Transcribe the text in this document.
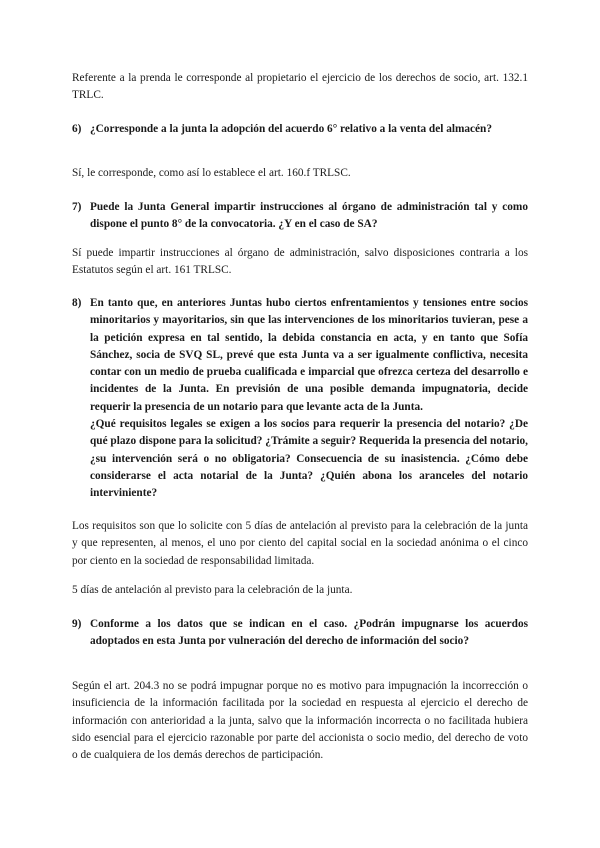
Referente a la prenda le corresponde al propietario el ejercicio de los derechos de socio, art. 132.1 TRLC.

6) ¿Corresponde a la junta la adopción del acuerdo 6° relativo a la venta del almacén?

Sí, le corresponde, como así lo establece el art. 160.f TRLSC.

7) Puede la Junta General impartir instrucciones al órgano de administración tal y como dispone el punto 8° de la convocatoria. ¿Y en el caso de SA?

Sí puede impartir instrucciones al órgano de administración, salvo disposiciones contraria a los Estatutos según el art. 161 TRLSC.

8) En tanto que, en anteriores Juntas hubo ciertos enfrentamientos y tensiones entre socios minoritarios y mayoritarios, sin que las intervenciones de los minoritarios tuvieran, pese a la petición expresa en tal sentido, la debida constancia en acta, y en tanto que Sofía Sánchez, socia de SVQ SL, prevé que esta Junta va a ser igualmente conflictiva, necesita contar con un medio de prueba cualificada e imparcial que ofrezca certeza del desarrollo e incidentes de la Junta. En previsión de una posible demanda impugnatoria, decide requerir la presencia de un notario para que levante acta de la Junta.
¿Qué requisitos legales se exigen a los socios para requerir la presencia del notario? ¿De qué plazo dispone para la solicitud? ¿Trámite a seguir? Requerida la presencia del notario, ¿su intervención será o no obligatoria? Consecuencia de su inasistencia. ¿Cómo debe considerarse el acta notarial de la Junta? ¿Quién abona los aranceles del notario interviniente?

Los requisitos son que lo solicite con 5 días de antelación al previsto para la celebración de la junta y que representen, al menos, el uno por ciento del capital social en la sociedad anónima o el cinco por ciento en la sociedad de responsabilidad limitada.

5 días de antelación al previsto para la celebración de la junta.

9) Conforme a los datos que se indican en el caso. ¿Podrán impugnarse los acuerdos adoptados en esta Junta por vulneración del derecho de información del socio?

Según el art. 204.3 no se podrá impugnar porque no es motivo para impugnación la incorrección o insuficiencia de la información facilitada por la sociedad en respuesta al ejercicio el derecho de información con anterioridad a la junta, salvo que la información incorrecta o no facilitada hubiera sido esencial para el ejercicio razonable por parte del accionista o socio medio, del derecho de voto o de cualquiera de los demás derechos de participación.
